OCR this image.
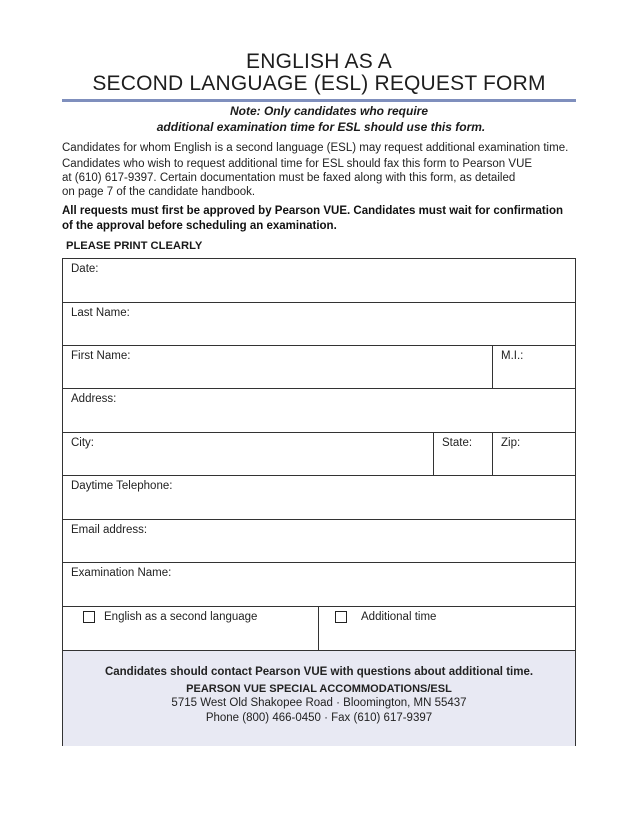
ENGLISH AS A
SECOND LANGUAGE (ESL) REQUEST FORM
Note: Only candidates who require
additional examination time for ESL should use this form.
Candidates for whom English is a second language (ESL) may request additional examination time.
Candidates who wish to request additional time for ESL should fax this form to Pearson VUE
at (610) 617-9397. Certain documentation must be faxed along with this form, as detailed
on page 7 of the candidate handbook.
All requests must first be approved by Pearson VUE. Candidates must wait for confirmation
of the approval before scheduling an examination.
PLEASE PRINT CLEARLY
Date:
Last Name:
First Name:	M.I.:
Address:
City:	State:	Zip:
Daytime Telephone:
Email address:
Examination Name:
English as a second language	Additional time
Candidates should contact Pearson VUE with questions about additional time.
PEARSON VUE SPECIAL ACCOMMODATIONS/ESL
5715 West Old Shakopee Road · Bloomington, MN 55437
Phone (800) 466-0450 · Fax (610) 617-9397
